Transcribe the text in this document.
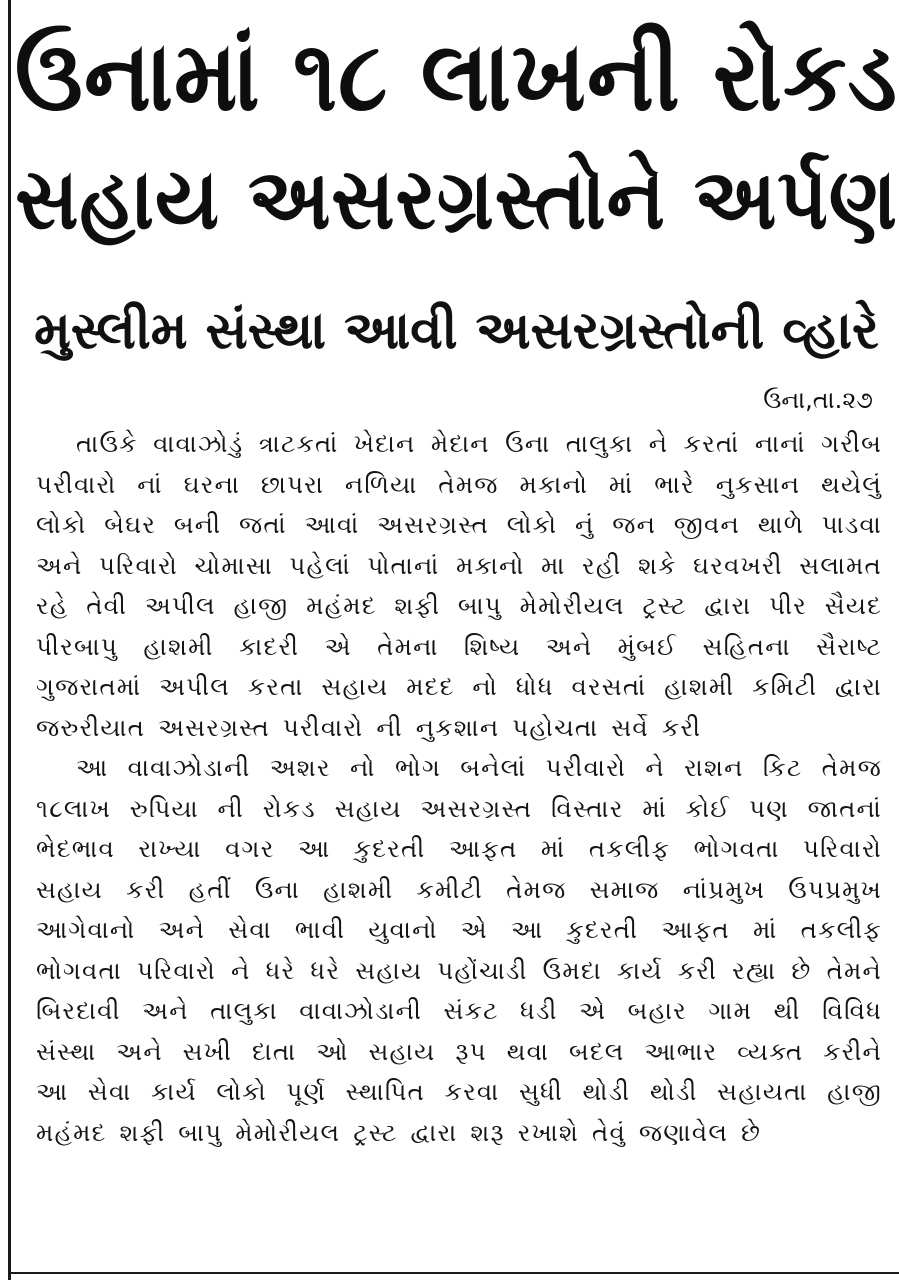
ઉનામાં ૧૮ લાખની રોકડ
સહાય અસરગ્રસ્તોને અર્પણ
મુસ્લીમ સંસ્થા આવી અસરગ્રસ્તોની વ્હારે
ઉના,તા.૨૭

તાઉકે વાવાઝોડું ત્રાટકતાં ખેદાન મેદાન ઉના તાલુકા ને કરતાં નાનાં ગરીબ
પરીવારો નાં ઘરના છાપરા નળિયા તેમજ મકાનો માં ભારે નુકસાન થયેલું
લોકો બેઘર બની જતાં આવાં અસરગ્રસ્ત લોકો નું જન જીવન થાળે પાડવા
અને પરિવારો ચોમાસા પહેલાં પોતાનાં મકાનો મા રહી શકે ઘરવખરી સલામત
રહે તેવી અપીલ હાજી મહંમદ શફી બાપુ મેમોરીયલ ટ્રસ્ટ દ્વારા પીર સૈયદ
પીરબાપુ હાશમી કાદરી એ તેમના શિષ્ય અને મુંબઈ સહિતના સૈરાષ્ટ
ગુજરાતમાં અપીલ કરતા સહાય મદદ નો ધોધ વરસતાં હાશમી કમિટી દ્વારા
જરુરીયાત અસરગ્રસ્ત પરીવારો ની નુકશાન પહોચતા સર્વે કરી

આ વાવાઝોડાની અશર નો ભોગ બનેલાં પરીવારો ને રાશન કિટ તેમજ
૧૮લાખ રુપિયા ની રોકડ સહાય અસરગ્રસ્ત વિસ્તાર માં કોઈ પણ જાતનાં
ભેદભાવ રાખ્યા વગર આ કુદરતી આફત માં તકલીફ ભોગવતા પરિવારો
સહાય કરી હતીં ઉના હાશમી કમીટી તેમજ સમાજ નાંપ્રમુખ ઉપપ્રમુખ
આગેવાનો અને સેવા ભાવી યુવાનો એ આ કુદરતી આફત માં તકલીફ
ભોગવતા પરિવારો ને ધરે ધરે સહાય પહોંચાડી ઉમદા કાર્ય કરી રહ્યા છે તેમને
બિરદાવી અને તાલુકા વાવાઝોડાની સંકટ ધડી એ બહાર ગામ થી વિવિધ
સંસ્થા અને સખી દાતા ઓ સહાય રૂપ થવા બદલ આભાર વ્યક્ત કરીને
આ સેવા કાર્ય લોકો પૂર્ણ સ્થાપિત કરવા સુધી થોડી થોડી સહાયતા હાજી
મહંમદ શફી બાપુ મેમોરીયલ ટ્રસ્ટ દ્વારા શરૂ રખાશે તેવું જણાવેલ છે
